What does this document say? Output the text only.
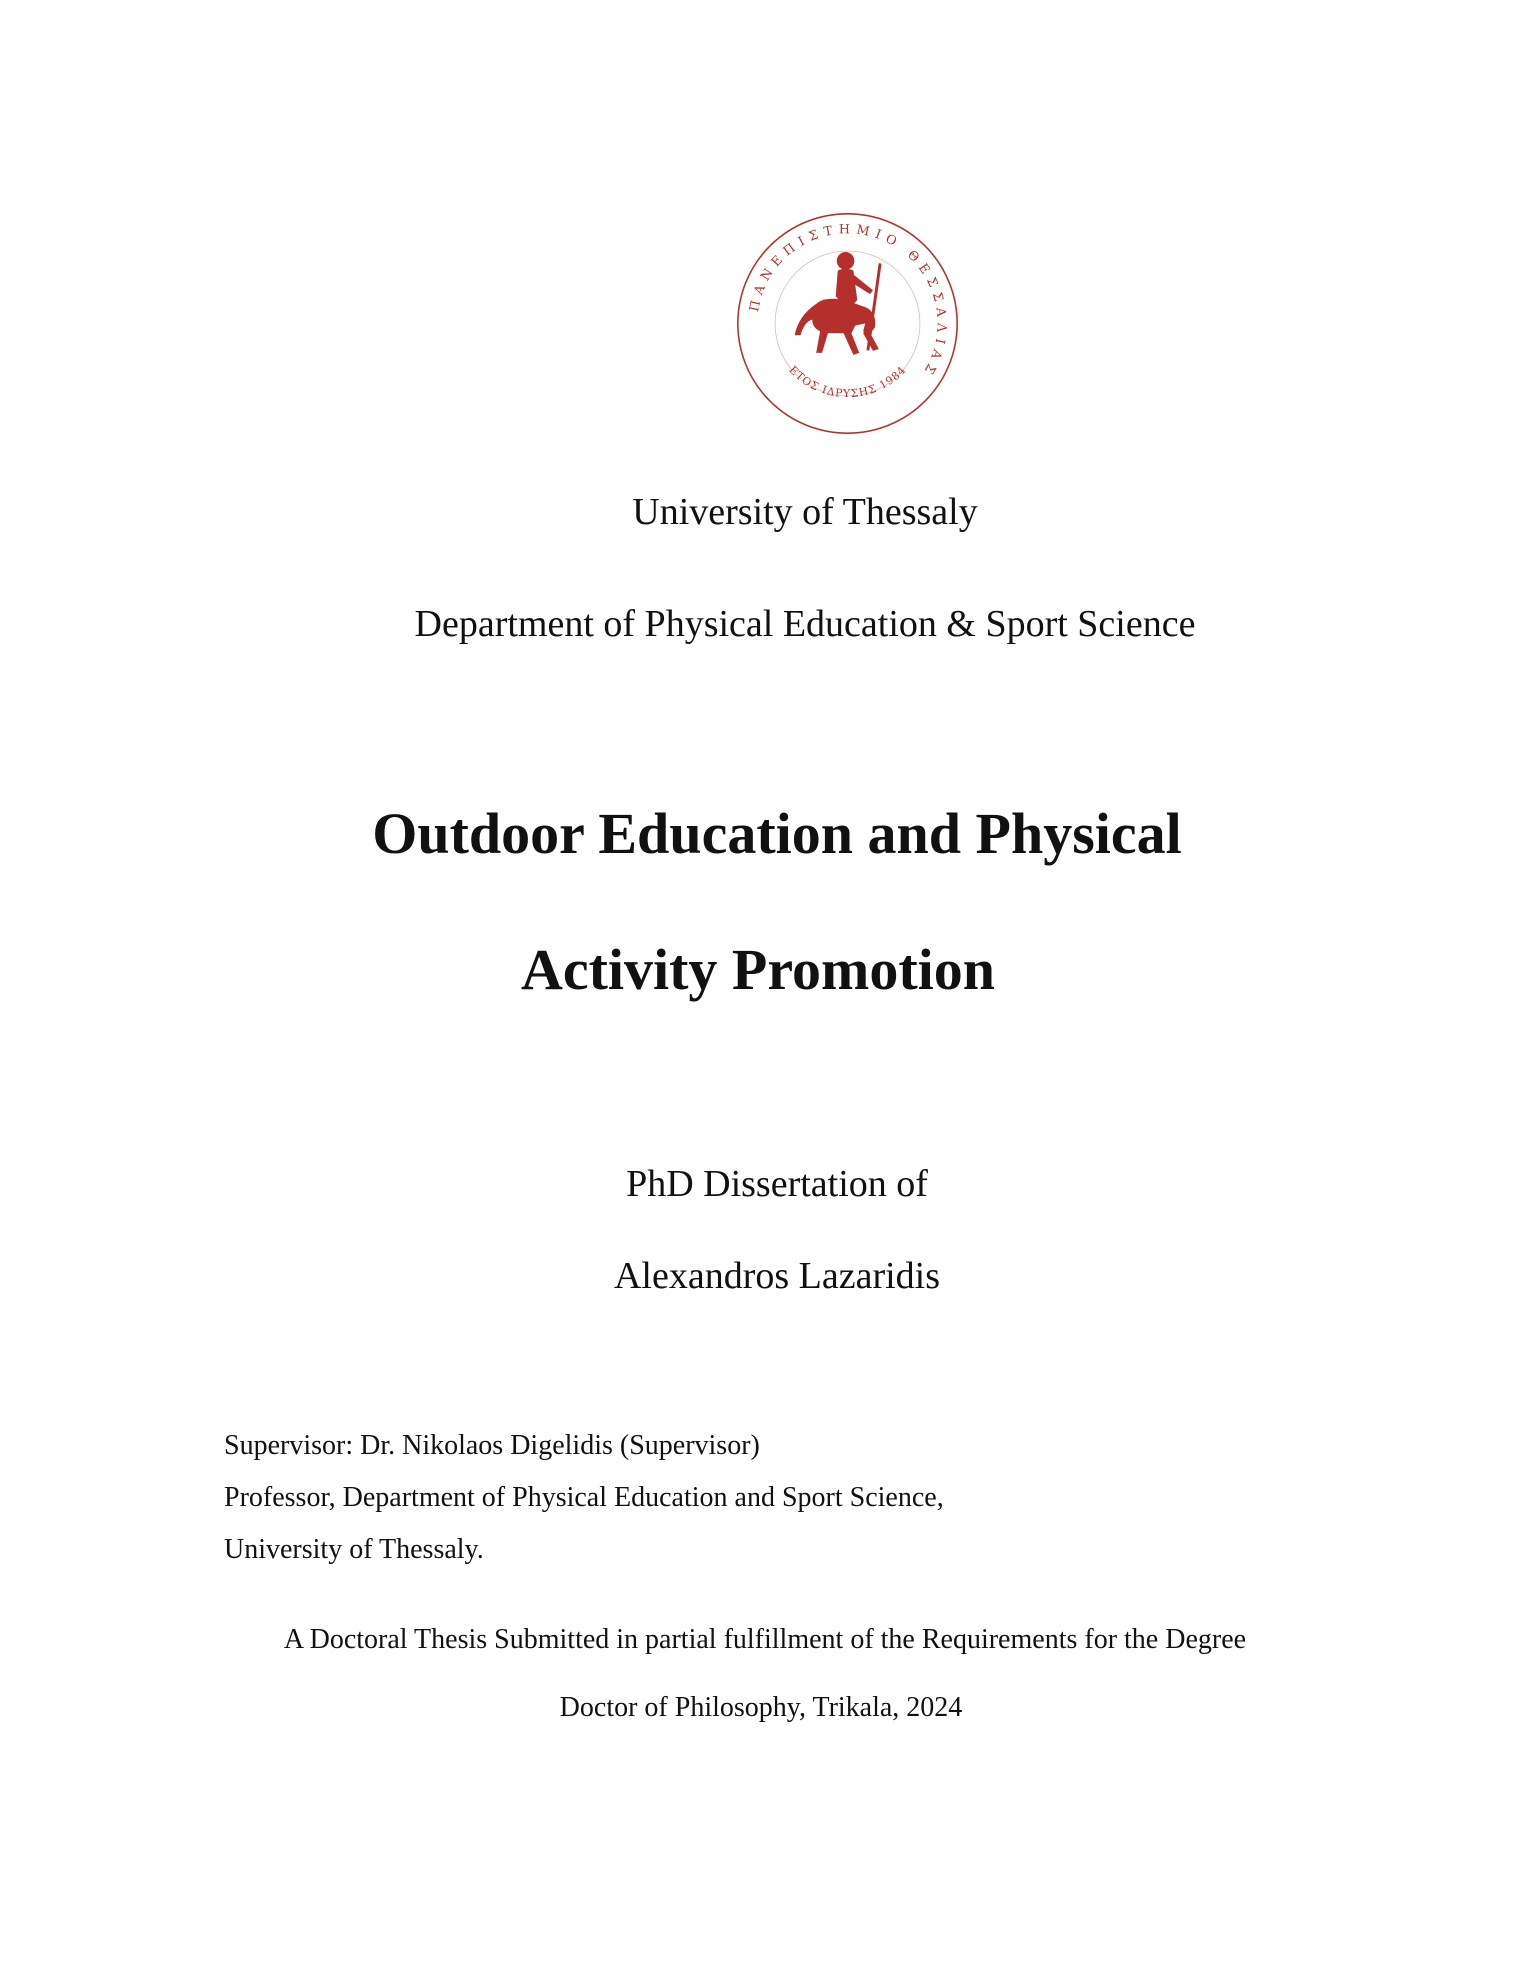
ΠΑΝΕΠΙΣΤΗΜΙΟ ΘΕΣΣΑΛΙΑΣ
ΕΤΟΣ ΙΔΡΥΣΗΣ 1984
University of Thessaly
Department of Physical Education & Sport Science
Outdoor Education and Physical
Activity Promotion
PhD Dissertation of
Alexandros Lazaridis
Supervisor: Dr. Nikolaos Digelidis (Supervisor)
Professor, Department of Physical Education and Sport Science,
University of Thessaly.
A Doctoral Thesis Submitted in partial fulfillment of the Requirements for the Degree
Doctor of Philosophy, Trikala, 2024
